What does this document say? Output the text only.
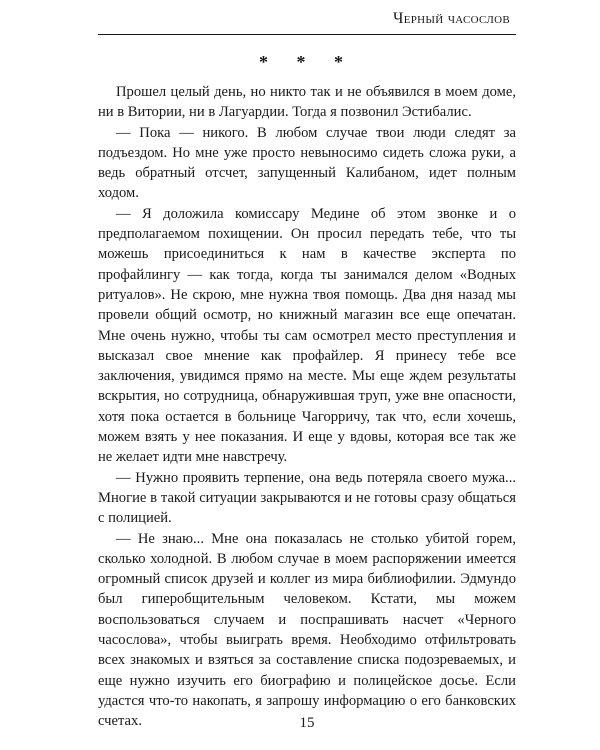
Черный часослов
* * *

Прошел целый день, но никто так и не объявился в моем доме, ни в Витории, ни в Лагуардии. Тогда я позвонил Эстибалис.

— Пока — никого. В любом случае твои люди следят за подъездом. Но мне уже просто невыносимо сидеть сложа руки, а ведь обратный отсчет, запущенный Калибаном, идет полным ходом.

— Я доложила комиссару Медине об этом звонке и о предполагаемом похищении. Он просил передать тебе, что ты можешь присоединиться к нам в качестве эксперта по профайлингу — как тогда, когда ты занимался делом «Водных ритуалов». Не скрою, мне нужна твоя помощь. Два дня назад мы провели общий осмотр, но книжный магазин все еще опечатан. Мне очень нужно, чтобы ты сам осмотрел место преступления и высказал свое мнение как профайлер. Я принесу тебе все заключения, увидимся прямо на месте. Мы еще ждем результаты вскрытия, но сотрудница, обнаружившая труп, уже вне опасности, хотя пока остается в больнице Чагорричу, так что, если хочешь, можем взять у нее показания. И еще у вдовы, которая все так же не желает идти мне навстречу.

— Нужно проявить терпение, она ведь потеряла своего мужа... Многие в такой ситуации закрываются и не готовы сразу общаться с полицией.

— Не знаю... Мне она показалась не столько убитой горем, сколько холодной. В любом случае в моем распоряжении имеется огромный список друзей и коллег из мира библиофилии. Эдмундо был гиперобщительным человеком. Кстати, мы можем воспользоваться случаем и поспрашивать насчет «Черного часослова», чтобы выиграть время. Необходимо отфильтровать всех знакомых и взяться за составление списка подозреваемых, и еще нужно изучить его биографию и полицейское досье. Если удастся что-то накопать, я запрошу информацию о его банковских счетах.	15
